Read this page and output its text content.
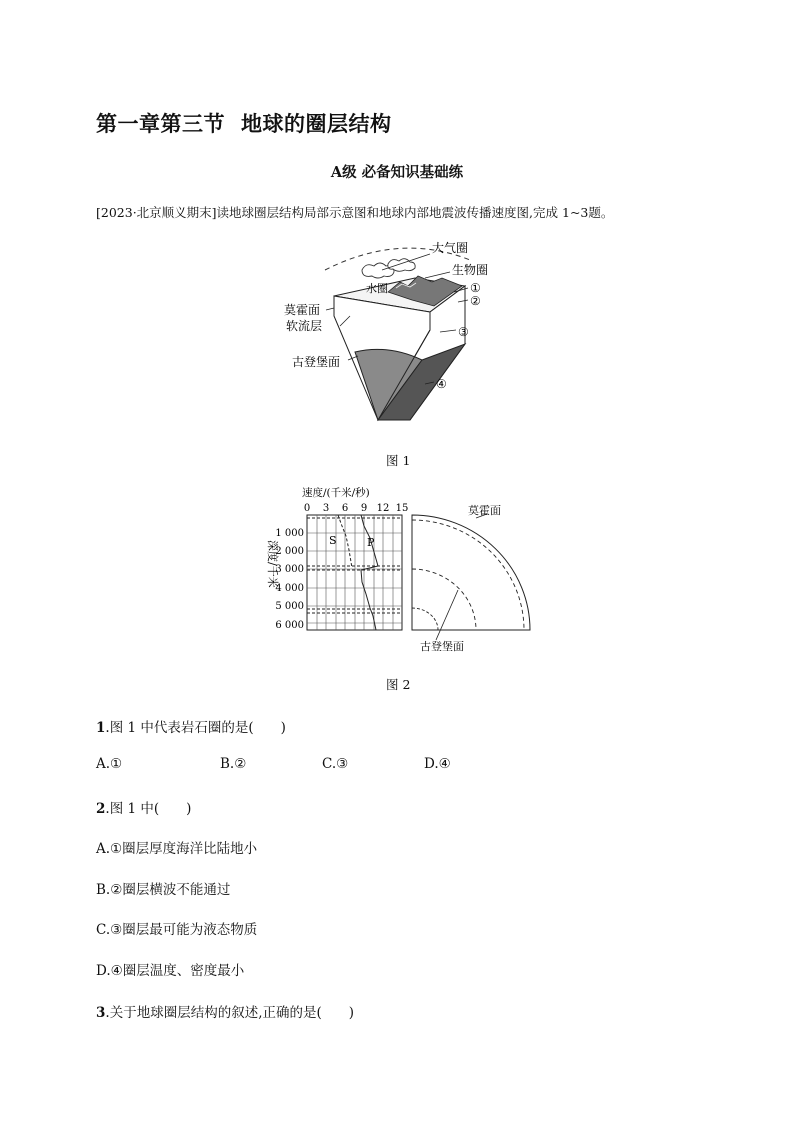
第一章第三节 地球的圈层结构
A级 必备知识基础练
[2023·北京顺义期末]读地球圈层结构局部示意图和地球内部地震波传播速度图,完成 1~3题。
大气圈
生物圈
水圈
莫霍面
软流层
古登堡面
①
②
③
④
图 1
速度/(千米/秒)
0 3 6 9 12 15
S	P
1 000
2 000
3 000
4 000
5 000
6 000
深度/千米
莫霍面
古登堡面
图 2
1.图 1 中代表岩石圈的是(　　)
A.①	B.②	C.③	D.④
2.图 1 中(　　)
A.①圈层厚度海洋比陆地小
B.②圈层横波不能通过
C.③圈层最可能为液态物质
D.④圈层温度、密度最小
3.关于地球圈层结构的叙述,正确的是(　　)
